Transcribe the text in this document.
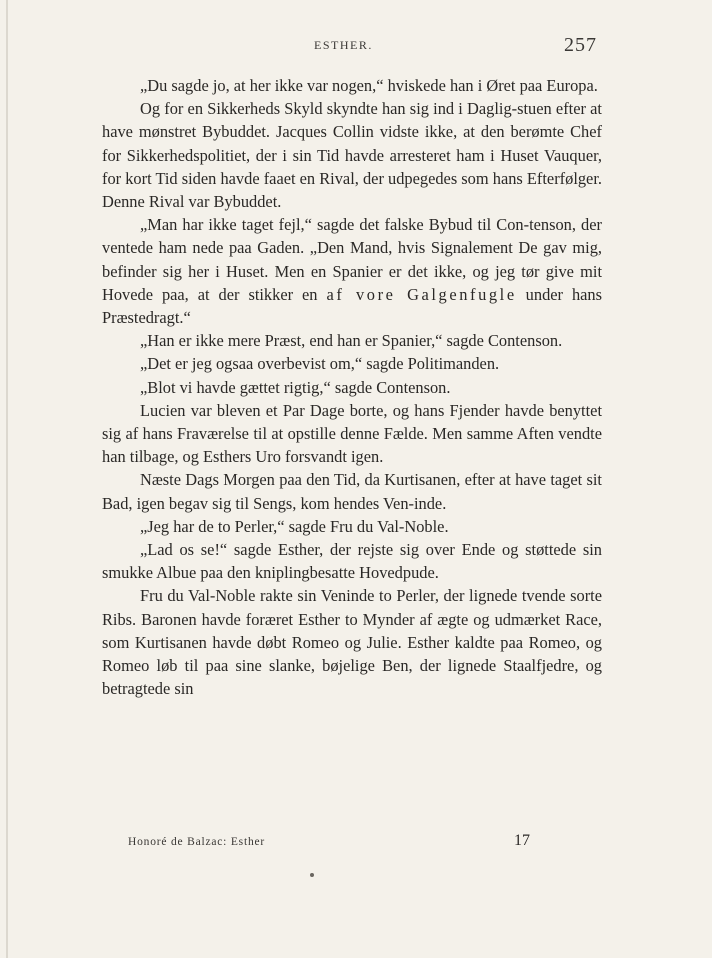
ESTHER.	257

„Du sagde jo, at her ikke var nogen,“ hviskede han i Øret paa Europa.

Og for en Sikkerheds Skyld skyndte han sig ind i Daglig-stuen efter at have mønstret Bybuddet. Jacques Collin vidste ikke, at den berømte Chef for Sikkerhedspolitiet, der i sin Tid havde arresteret ham i Huset Vauquer, for kort Tid siden havde faaet en Rival, der udpegedes som hans Efterfølger. Denne Rival var Bybuddet.

„Man har ikke taget fejl,“ sagde det falske Bybud til Con-tenson, der ventede ham nede paa Gaden. „Den Mand, hvis Signalement De gav mig, befinder sig her i Huset. Men en Spanier er det ikke, og jeg tør give mit Hovede paa, at der stikker en af vore Galgenfugle under hans Præstedragt.“

„Han er ikke mere Præst, end han er Spanier,“ sagde Contenson.

„Det er jeg ogsaa overbevist om,“ sagde Politimanden.

„Blot vi havde gættet rigtig,“ sagde Contenson.

Lucien var bleven et Par Dage borte, og hans Fjender havde benyttet sig af hans Fraværelse til at opstille denne Fælde. Men samme Aften vendte han tilbage, og Esthers Uro forsvandt igen.

Næste Dags Morgen paa den Tid, da Kurtisanen, efter at have taget sit Bad, igen begav sig til Sengs, kom hendes Ven-inde.

„Jeg har de to Perler,“ sagde Fru du Val-Noble.

„Lad os se!“ sagde Esther, der rejste sig over Ende og støttede sin smukke Albue paa den kniplingbesatte Hovedpude.

Fru du Val-Noble rakte sin Veninde to Perler, der lignede tvende sorte Ribs. Baronen havde foræret Esther to Mynder af ægte og udmærket Race, som Kurtisanen havde døbt Romeo og Julie. Esther kaldte paa Romeo, og Romeo løb til paa sine slanke, bøjelige Ben, der lignede Staalfjedre, og betragtede sin

Honoré de Balzac: Esther	17
